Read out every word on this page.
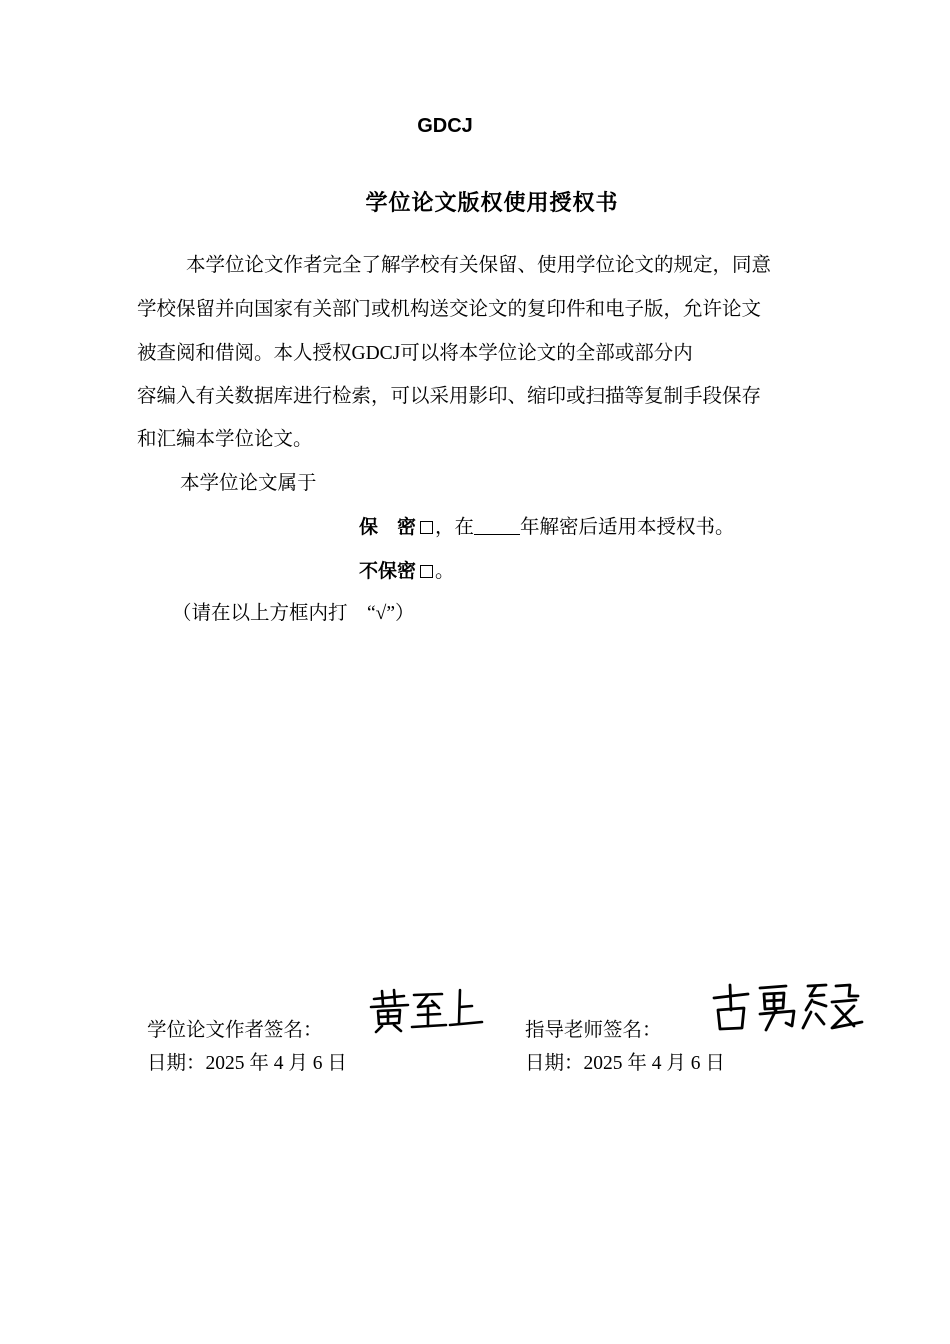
GDCJ
学位论文版权使用授权书
本学位论文作者完全了解学校有关保留、使用学位论文的规定，同意
学校保留并向国家有关部门或机构送交论文的复印件和电子版，允许论文
被查阅和借阅。本人授权GDCJ可以将本学位论文的全部或部分内
容编入有关数据库进行检索，可以采用影印、缩印或扫描等复制手段保存
和汇编本学位论文。
本学位论文属于
保　密 ，在 年解密后适用本授权书。
不保密 。
（请在以上方框内打　“√”）
学位论文作者签名：
日期：2025 年 4 月 6 日
指导老师签名：
日期：2025 年 4 月 6 日
